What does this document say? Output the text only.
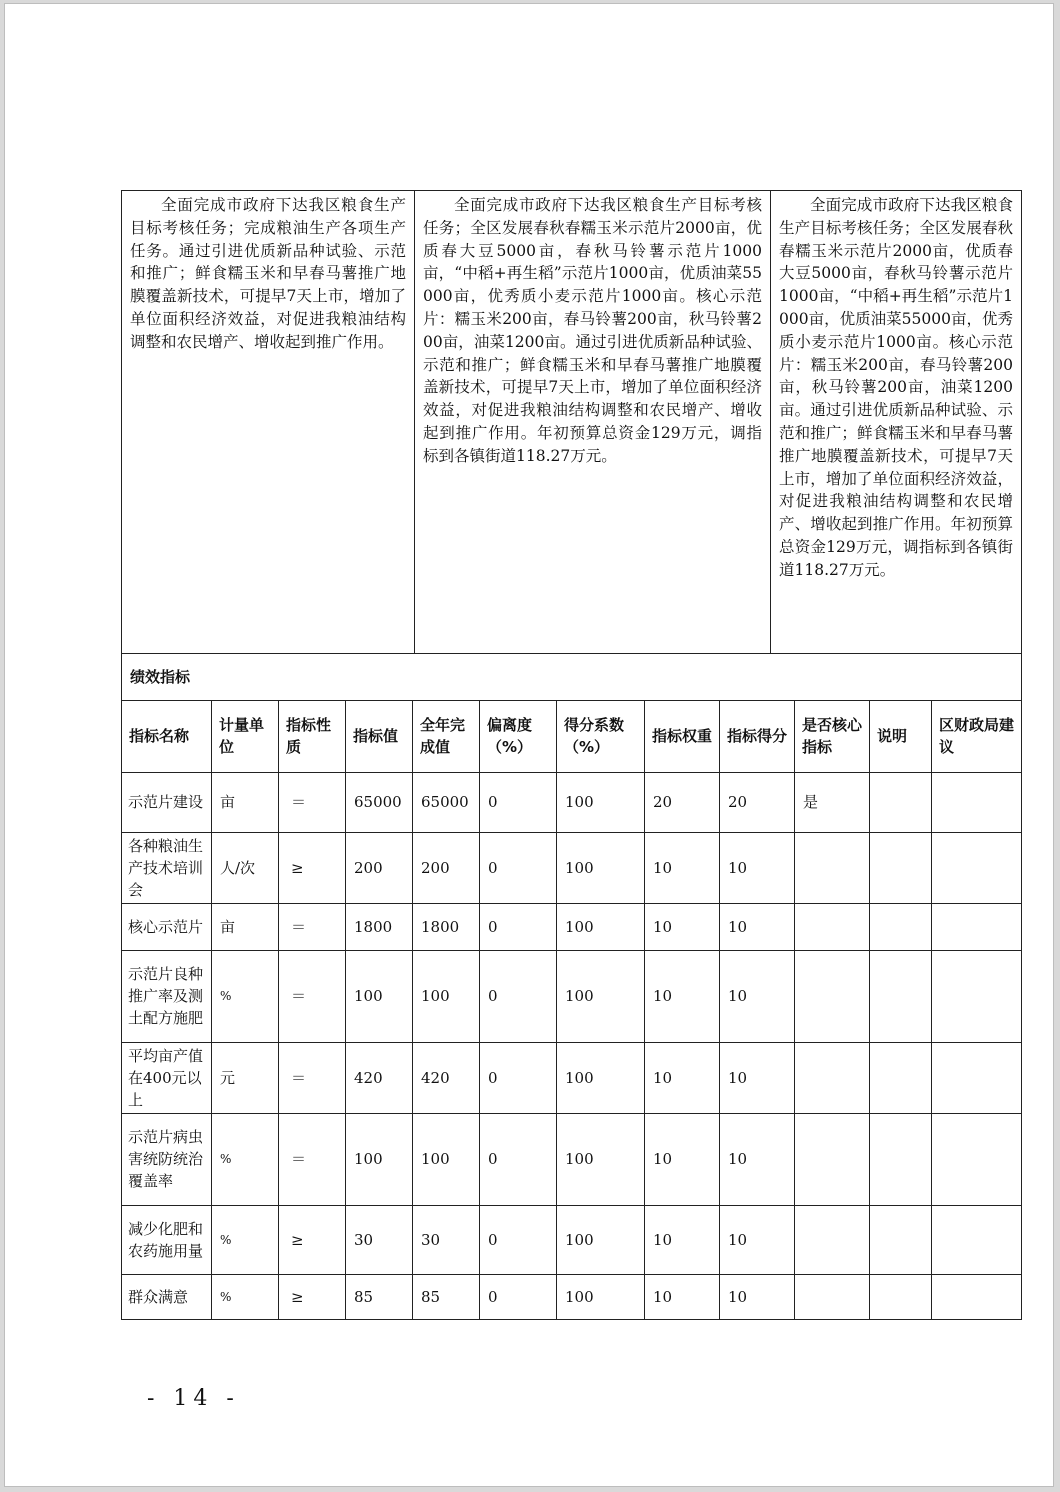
全面完成市政府下达我区粮食生产目标考核任务；完成粮油生产各项生产任务。通过引进优质新品种试验、示范和推广；鲜食糯玉米和早春马薯推广地膜覆盖新技术，可提早7天上市，增加了单位面积经济效益，对促进我粮油结构调整和农民增产、增收起到推广作用。	全面完成市政府下达我区粮食生产目标考核任务；全区发展春秋春糯玉米示范片2000亩，优质春大豆5000亩，春秋马铃薯示范片1000亩，“中稻+再生稻”示范片1000亩，优质油菜55000亩，优秀质小麦示范片1000亩。核心示范片：糯玉米200亩，春马铃薯200亩，秋马铃薯200亩，油菜1200亩。通过引进优质新品种试验、示范和推广；鲜食糯玉米和早春马薯推广地膜覆盖新技术，可提早7天上市，增加了单位面积经济效益，对促进我粮油结构调整和农民增产、增收起到推广作用。年初预算总资金129万元，调指标到各镇街道118.27万元。	全面完成市政府下达我区粮食生产目标考核任务；全区发展春秋春糯玉米示范片2000亩，优质春大豆5000亩，春秋马铃薯示范片1000亩，“中稻+再生稻”示范片1000亩，优质油菜55000亩，优秀质小麦示范片1000亩。核心示范片：糯玉米200亩，春马铃薯200亩，秋马铃薯200亩，油菜1200亩。通过引进优质新品种试验、示范和推广；鲜食糯玉米和早春马薯推广地膜覆盖新技术，可提早7天上市，增加了单位面积经济效益，对促进我粮油结构调整和农民增产、增收起到推广作用。年初预算总资金129万元，调指标到各镇街道118.27万元。
绩效指标											
指标名称	计量单位	指标性质	指标值	全年完成值	偏离度（%）	得分系数（%）	指标权重	指标得分	是否核心指标	说明	区财政局建议
示范片建设	亩	＝	65000	65000	0	100	20	20	是		
各种粮油生产技术培训会	人/次	≥	200	200	0	100	10	10			
核心示范片	亩	＝	1800	1800	0	100	10	10			
示范片良种推广率及测土配方施肥	%	＝	100	100	0	100	10	10			
平均亩产值在400元以上	元	＝	420	420	0	100	10	10			
示范片病虫害统防统治覆盖率	%	＝	100	100	0	100	10	10			
减少化肥和农药施用量	%	≥	30	30	0	100	10	10			
群众满意	%	≥	85	85	0	100	10	10			
- 14 -
